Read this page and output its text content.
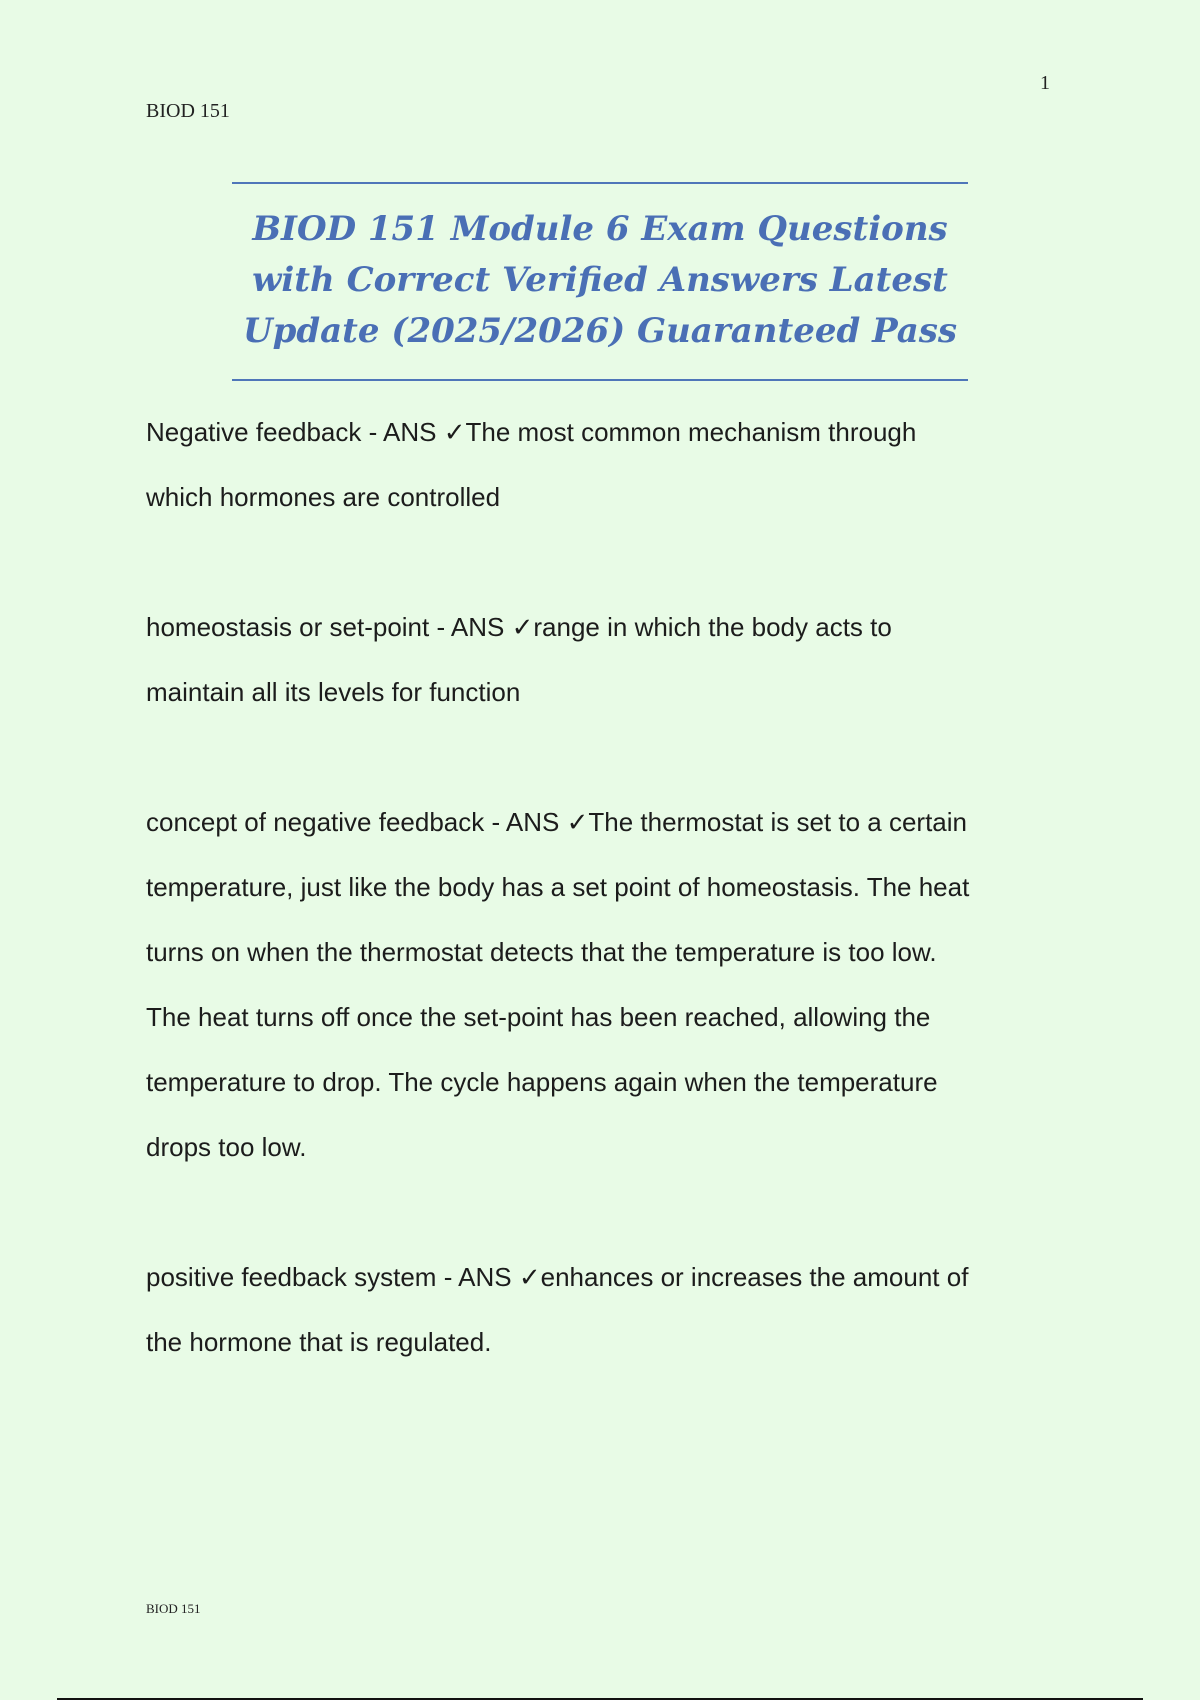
1
BIOD 151
BIOD 151 Module 6 Exam Questions
with Correct Verified Answers Latest
Update (2025/2026) Guaranteed Pass
Negative feedback - ANS ✓The most common mechanism through
which hormones are controlled
homeostasis or set-point - ANS ✓range in which the body acts to
maintain all its levels for function
concept of negative feedback - ANS ✓The thermostat is set to a certain
temperature, just like the body has a set point of homeostasis. The heat
turns on when the thermostat detects that the temperature is too low.
The heat turns off once the set-point has been reached, allowing the
temperature to drop. The cycle happens again when the temperature
drops too low.
positive feedback system - ANS ✓enhances or increases the amount of
the hormone that is regulated.
BIOD 151
